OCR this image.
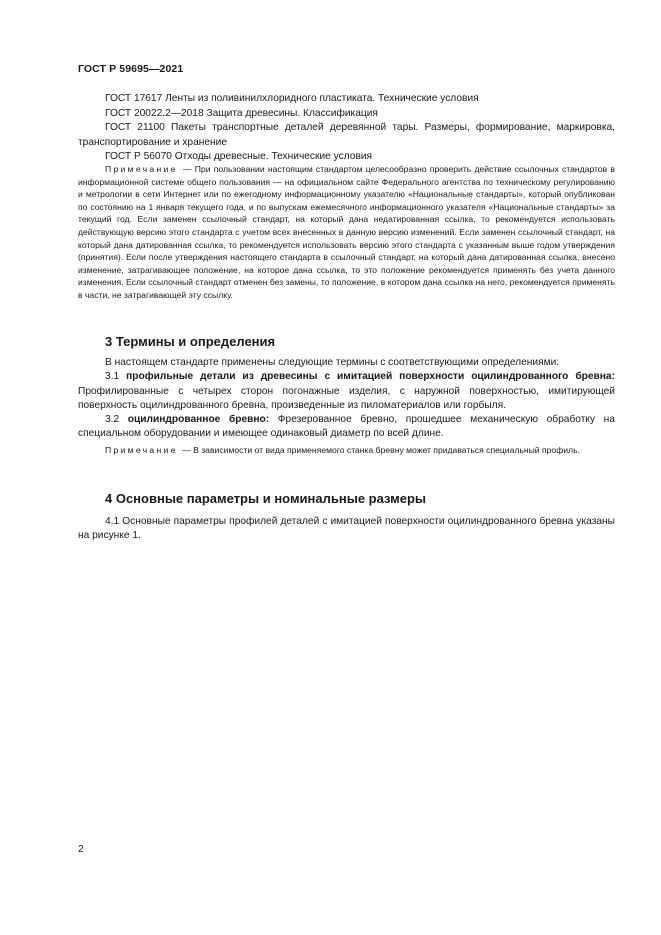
ГОСТ Р 59695—2021

ГОСТ 17617 Ленты из поливинилхлоридного пластиката. Технические условия

ГОСТ 20022.2—2018 Защита древесины. Классификация

ГОСТ 21100 Пакеты транспортные деталей деревянной тары. Размеры, формирование, маркировка, транспортирование и хранение

ГОСТ Р 56070 Отходы древесные. Технические условия

Примечание — При пользовании настоящим стандартом целесообразно проверить действие ссылочных стандартов в информационной системе общего пользования — на официальном сайте Федерального агентства по техническому регулированию и метрологии в сети Интернет или по ежегодному информационному указателю «Национальные стандарты», который опубликован по состоянию на 1 января текущего года, и по выпускам ежемесячного информационного указателя «Национальные стандарты» за текущий год. Если заменен ссылочный стандарт, на который дана недатированная ссылка, то рекомендуется использовать действующую версию этого стандарта с учетом всех внесенных в данную версию изменений. Если заменен ссылочный стандарт, на который дана датированная ссылка, то рекомендуется использовать версию этого стандарта с указанным выше годом утверждения (принятия). Если после утверждения настоящего стандарта в ссылочный стандарт, на который дана датированная ссылка, внесено изменение, затрагивающее положение, на которое дана ссылка, то это положение рекомендуется применять без учета данного изменения. Если ссылочный стандарт отменен без замены, то положение, в котором дана ссылка на него, рекомендуется применять в части, не затрагивающей эту ссылку.

3 Термины и определения

В настоящем стандарте применены следующие термины с соответствующими определениями:

3.1 профильные детали из древесины с имитацией поверхности оцилиндрованного бревна: Профилированные с четырех сторон погонажные изделия, с наружной поверхностью, имитирующей поверхность оцилиндрованного бревна, произведенные из пиломатериалов или горбыля.

3.2 оцилиндрованное бревно: Фрезерованное бревно, прошедшее механическую обработку на специальном оборудовании и имеющее одинаковый диаметр по всей длине.

Примечание — В зависимости от вида применяемого станка бревну может придаваться специальный профиль.

4 Основные параметры и номинальные размеры

4.1 Основные параметры профилей деталей с имитацией поверхности оцилиндрованного бревна указаны на рисунке 1.

2
